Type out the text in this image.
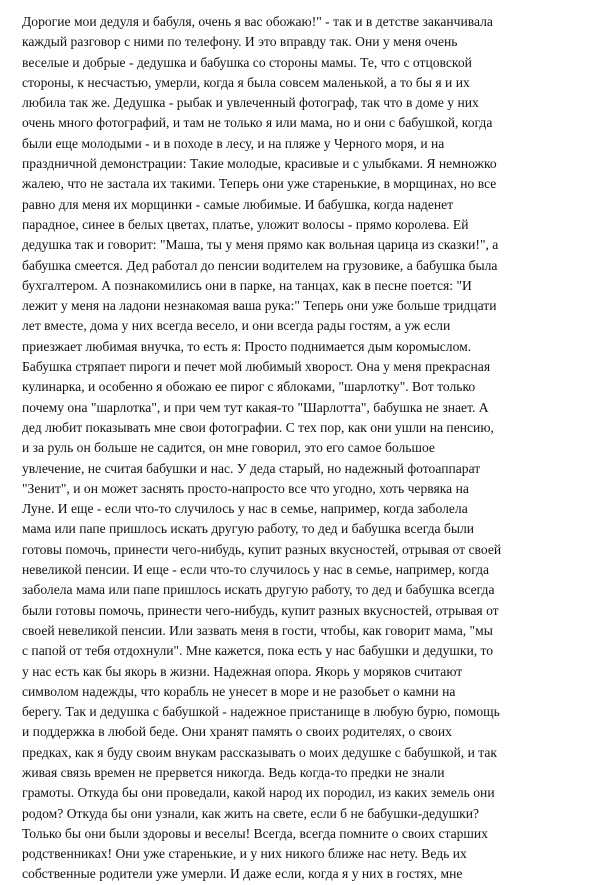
Дорогие мои дедуля и бабуля, очень я вас обожаю!" - так и в детстве заканчивала
каждый разговор с ними по телефону. И это вправду так. Они у меня очень
веселые и добрые - дедушка и бабушка со стороны мамы. Те, что с отцовской
стороны, к несчастью, умерли, когда я была совсем маленькой, а то бы я и их
любила так же. Дедушка - рыбак и увлеченный фотограф, так что в доме у них
очень много фотографий, и там не только я или мама, но и они с бабушкой, когда
были еще молодыми - и в походе в лесу, и на пляже у Черного моря, и на
праздничной демонстрации: Такие молодые, красивые и с улыбками. Я немножко
жалею, что не застала их такими. Теперь они уже старенькие, в морщинах, но все
равно для меня их морщинки - самые любимые. И бабушка, когда наденет
парадное, синее в белых цветах, платье, уложит волосы - прямо королева. Ей
дедушка так и говорит: "Маша, ты у меня прямо как вольная царица из сказки!", а
бабушка смеется. Дед работал до пенсии водителем на грузовике, а бабушка была
бухгалтером. А познакомились они в парке, на танцах, как в песне поется: "И
лежит у меня на ладони незнакомая ваша рука:" Теперь они уже больше тридцати
лет вместе, дома у них всегда весело, и они всегда рады гостям, а уж если
приезжает любимая внучка, то есть я: Просто поднимается дым коромыслом.
Бабушка стряпает пироги и печет мой любимый хворост. Она у меня прекрасная
кулинарка, и особенно я обожаю ее пирог с яблоками, "шарлотку". Вот только
почему она "шарлотка", и при чем тут какая-то "Шарлотта", бабушка не знает. А
дед любит показывать мне свои фотографии. С тех пор, как они ушли на пенсию,
и за руль он больше не садится, он мне говорил, это его самое большое
увлечение, не считая бабушки и нас. У деда старый, но надежный фотоаппарат
"Зенит", и он может заснять просто-напросто все что угодно, хоть червяка на
Луне. И еще - если что-то случилось у нас в семье, например, когда заболела
мама или папе пришлось искать другую работу, то дед и бабушка всегда были
готовы помочь, принести чего-нибудь, купит разных вкусностей, отрывая от своей
невеликой пенсии. И еще - если что-то случилось у нас в семье, например, когда
заболела мама или папе пришлось искать другую работу, то дед и бабушка всегда
были готовы помочь, принести чего-нибудь, купит разных вкусностей, отрывая от
своей невеликой пенсии. Или зазвать меня в гости, чтобы, как говорит мама, "мы
с папой от тебя отдохнули". Мне кажется, пока есть у нас бабушки и дедушки, то
у нас есть как бы якорь в жизни. Надежная опора. Якорь у моряков считают
символом надежды, что корабль не унесет в море и не разобьет о камни на
берегу. Так и дедушка с бабушкой - надежное пристанище в любую бурю, помощь
и поддержка в любой беде. Они хранят память о своих родителях, о своих
предках, как я буду своим внукам рассказывать о моих дедушке с бабушкой, и так
живая связь времен не прервется никогда. Ведь когда-то предки не знали
грамоты. Откуда бы они проведали, какой народ их породил, из каких земель они
родом? Откуда бы они узнали, как жить на свете, если б не бабушки-дедушки?
Только бы они были здоровы и веселы! Всегда, всегда помните о своих старших
родственниках! Они уже старенькие, и у них никого ближе нас нету. Ведь их
собственные родители уже умерли. И даже если, когда я у них в гостях, мне
